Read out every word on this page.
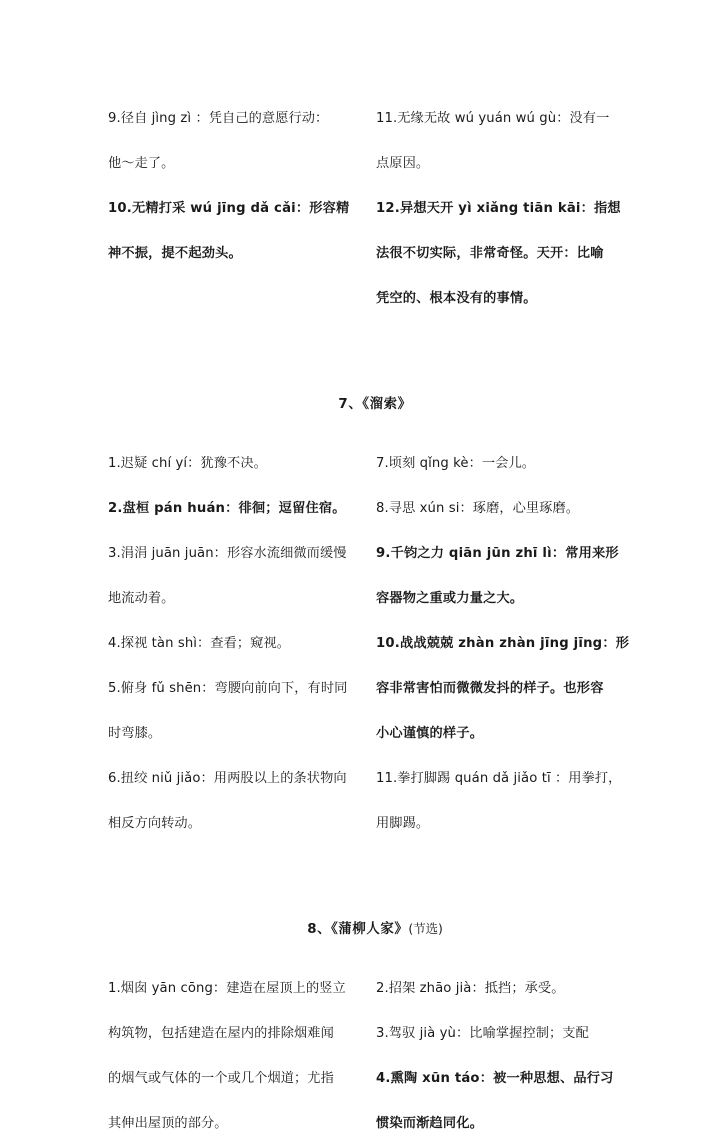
9.径自 jìng zì ：凭自己的意愿行动：

他～走了。

10.无精打采 wú jīng dǎ cǎi：形容精

神不振，提不起劲头。

11.无缘无故 wú yuán wú gù：没有一

点原因。

12.异想天开 yì xiǎng tiān kāi：指想

法很不切实际，非常奇怪。天开：比喻

凭空的、根本没有的事情。

7、《溜索》

1.迟疑 chí yí：犹豫不决。

2.盘桓 pán huán：徘徊；逗留住宿。

3.涓涓 juān juān：形容水流细微而缓慢

地流动着。

4.探视 tàn shì：查看；窥视。

5.俯身 fǔ shēn：弯腰向前向下，有时同

时弯膝。

6.扭绞 niǔ jiǎo：用两股以上的条状物向

相反方向转动。

7.顷刻 qǐng kè：一会儿。

8.寻思 xún si：琢磨，心里琢磨。

9.千钧之力 qiān jūn zhī lì：常用来形

容器物之重或力量之大。

10.战战兢兢 zhàn zhàn jīng jīng：形

容非常害怕而微微发抖的样子。也形容

小心谨慎的样子。

11.拳打脚踢 quán dǎ jiǎo tī ：用拳打，

用脚踢。

8、《蒲柳人家》(节选)

1.烟囱 yān cōng：建造在屋顶上的竖立

构筑物，包括建造在屋内的排除烟难闻

的烟气或气体的一个或几个烟道；尤指

其伸出屋顶的部分。

2.招架 zhāo jià：抵挡；承受。

3.驾驭 jià yù：比喻掌握控制；支配

4.熏陶 xūn táo：被一种思想、品行习

惯染而渐趋同化。
